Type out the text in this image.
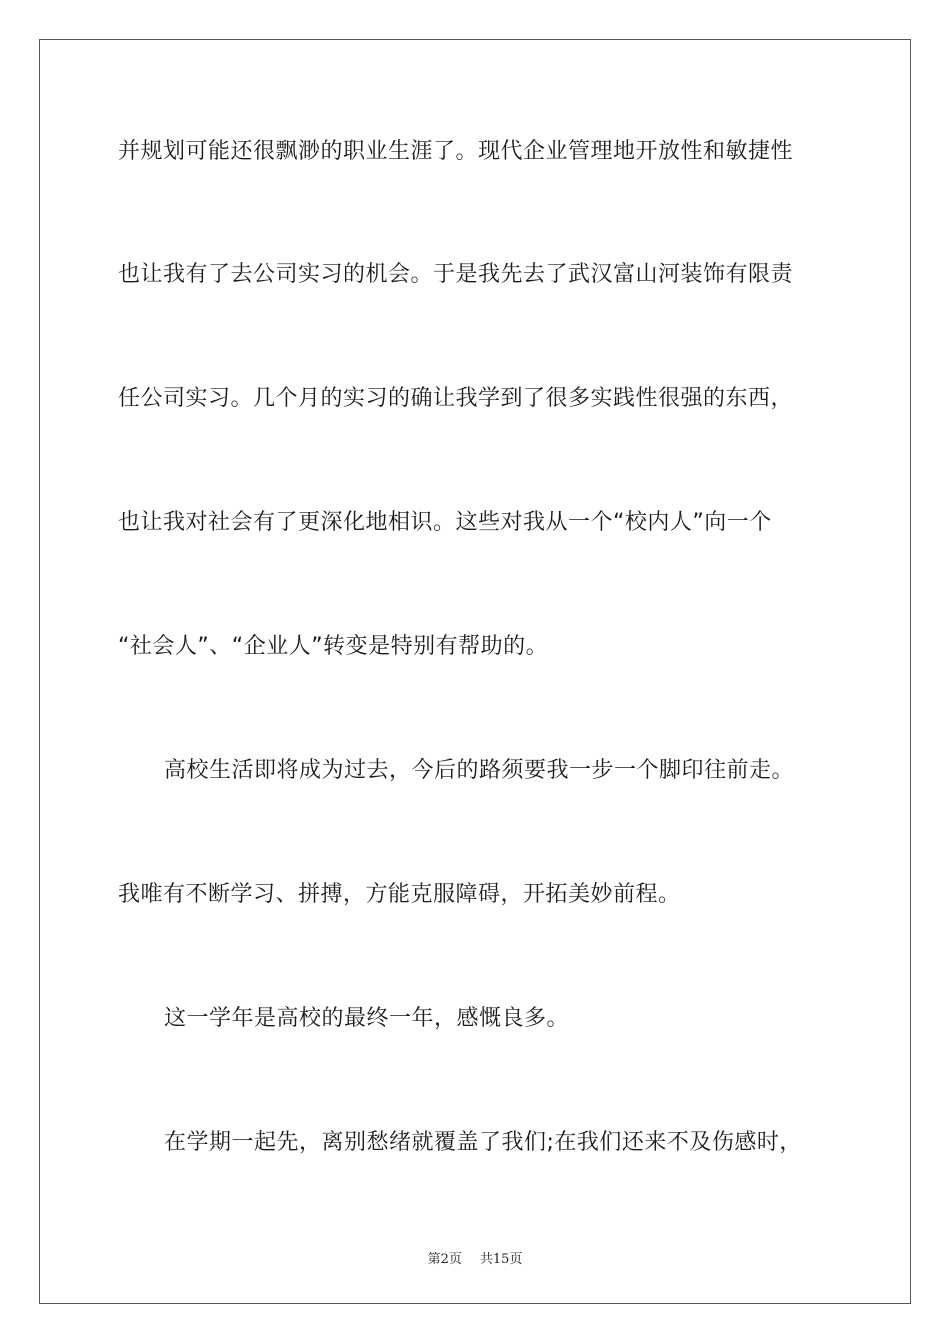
并规划可能还很飘渺的职业生涯了。现代企业管理地开放性和敏捷性
也让我有了去公司实习的机会。于是我先去了武汉富山河装饰有限责
任公司实习。几个月的实习的确让我学到了很多实践性很强的东西，
也让我对社会有了更深化地相识。这些对我从一个“校内人”向一个
“社会人”、“企业人”转变是特别有帮助的。
高校生活即将成为过去，今后的路须要我一步一个脚印往前走。
我唯有不断学习、拼搏，方能克服障碍，开拓美妙前程。
这一学年是高校的最终一年，感慨良多。
在学期一起先，离别愁绪就覆盖了我们;在我们还来不及伤感时，
第2页 共15页
